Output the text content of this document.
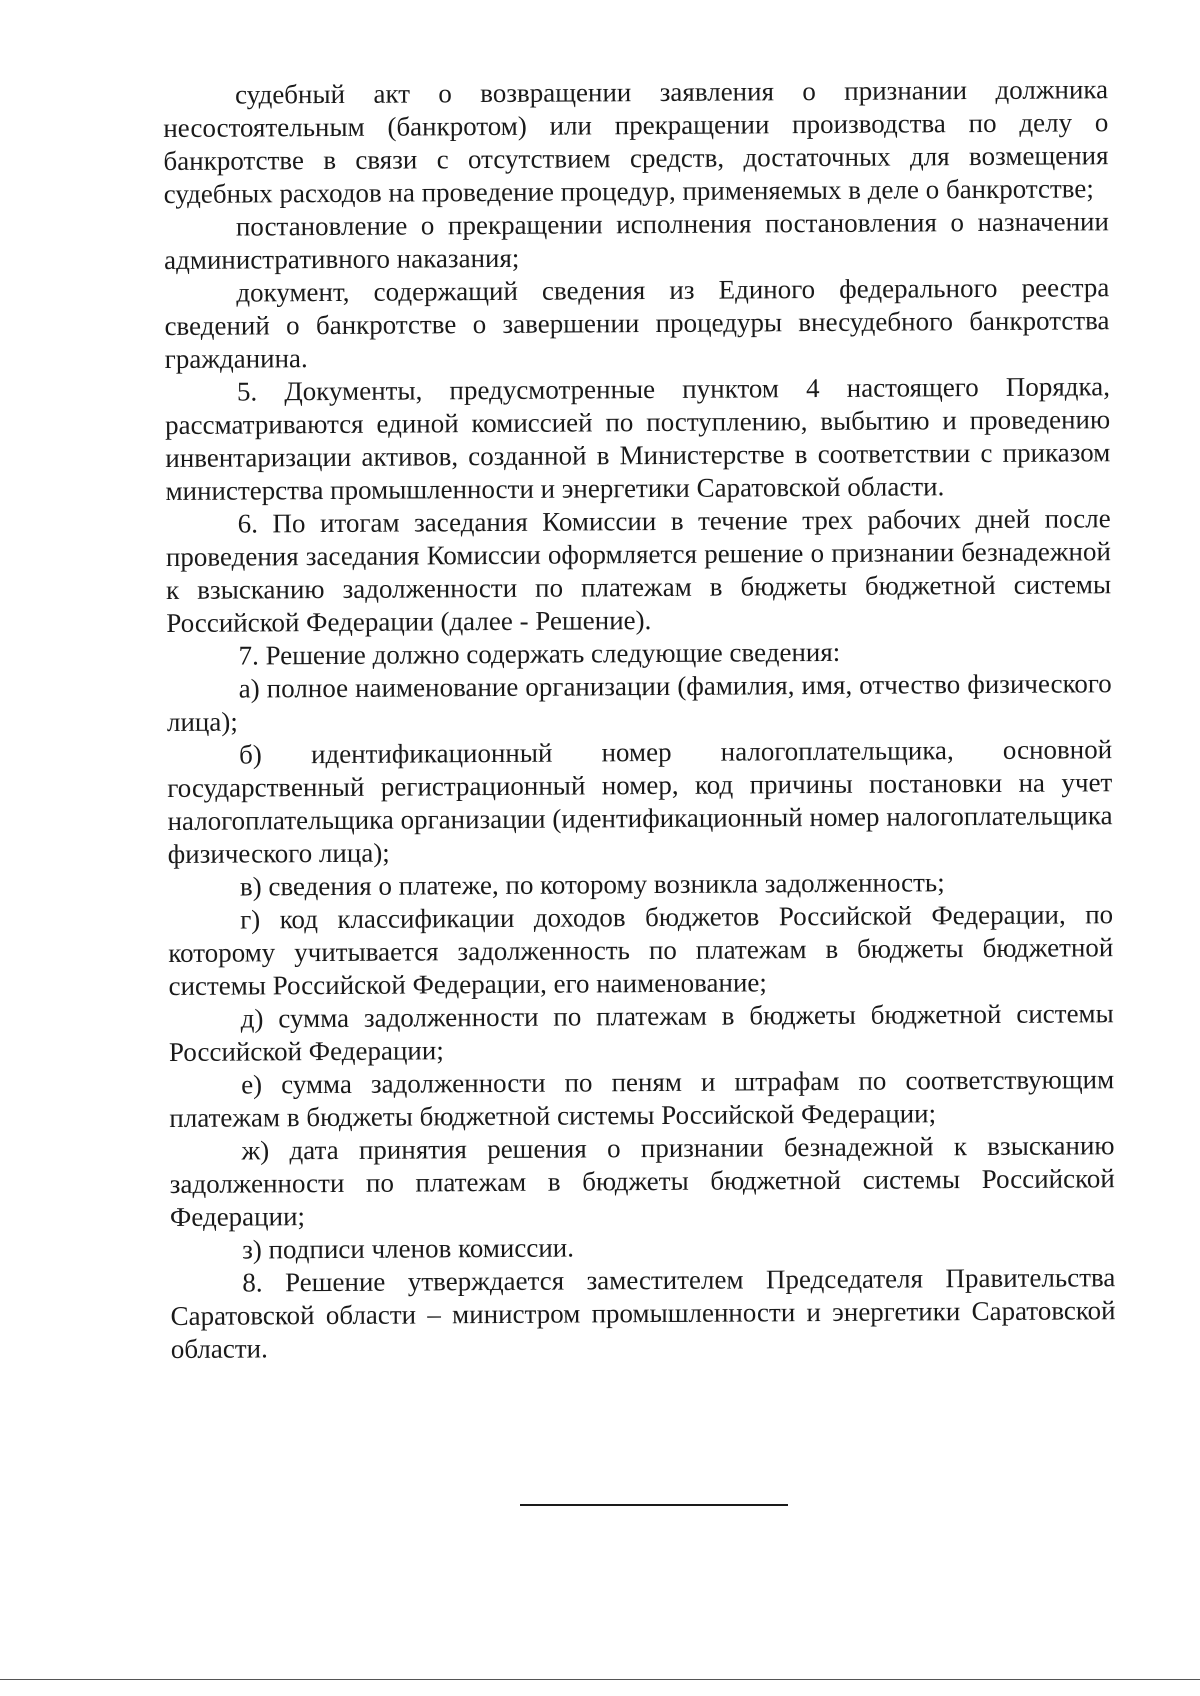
судебный акт о возвращении заявления о признании должника несостоятельным (банкротом) или прекращении производства по делу о банкротстве в связи с отсутствием средств, достаточных для возмещения судебных расходов на проведение процедур, применяемых в деле о банкротстве;

постановление о прекращении исполнения постановления о назначении административного наказания;

документ, содержащий сведения из Единого федерального реестра сведений о банкротстве о завершении процедуры внесудебного банкротства гражданина.

5. Документы, предусмотренные пунктом 4 настоящего Порядка, рассматриваются единой комиссией по поступлению, выбытию и проведению инвентаризации активов, созданной в Министерстве в соответствии с приказом министерства промышленности и энергетики Саратовской области.

6. По итогам заседания Комиссии в течение трех рабочих дней после проведения заседания Комиссии оформляется решение о признании безнадежной к взысканию задолженности по платежам в бюджеты бюджетной системы Российской Федерации (далее - Решение).

7. Решение должно содержать следующие сведения:

а) полное наименование организации (фамилия, имя, отчество физического лица);

б) идентификационный номер налогоплательщика, основной государственный регистрационный номер, код причины постановки на учет налогоплательщика организации (идентификационный номер налогоплательщика физического лица);

в) сведения о платеже, по которому возникла задолженность;

г) код классификации доходов бюджетов Российской Федерации, по которому учитывается задолженность по платежам в бюджеты бюджетной системы Российской Федерации, его наименование;

д) сумма задолженности по платежам в бюджеты бюджетной системы Российской Федерации;

е) сумма задолженности по пеням и штрафам по соответствующим платежам в бюджеты бюджетной системы Российской Федерации;

ж) дата принятия решения о признании безнадежной к взысканию задолженности по платежам в бюджеты бюджетной системы Российской Федерации;

з) подписи членов комиссии.

8. Решение утверждается заместителем Председателя Правительства Саратовской области – министром промышленности и энергетики Саратовской области.
